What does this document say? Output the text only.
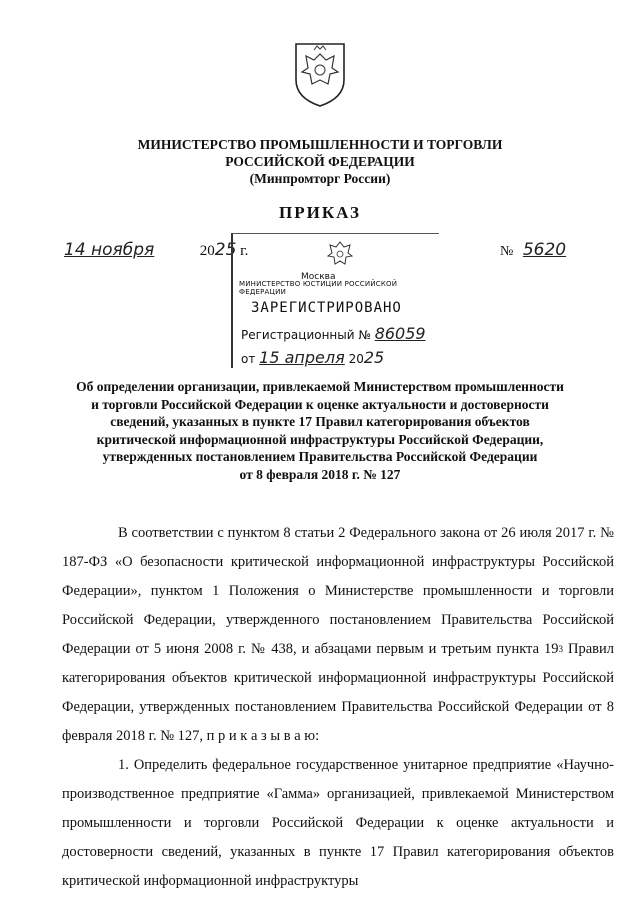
МИНИСТЕРСТВО ПРОМЫШЛЕННОСТИ И ТОРГОВЛИ
РОССИЙСКОЙ ФЕДЕРАЦИИ
(Минпромторг России)
ПРИКАЗ
14 ноября	2025 г.	№ 5620
Москва
МИНИСТЕРСТВО ЮСТИЦИИ РОССИЙСКОЙ ФЕДЕРАЦИИ
ЗАРЕГИСТРИРОВАНО
Регистрационный № 86059
от 15 апреля 2025
Об определении организации, привлекаемой Министерством промышленности
и торговли Российской Федерации к оценке актуальности и достоверности
сведений, указанных в пункте 17 Правил категорирования объектов
критической информационной инфраструктуры Российской Федерации,
утвержденных постановлением Правительства Российской Федерации
от 8 февраля 2018 г. № 127

В соответствии с пунктом 8 статьи 2 Федерального закона от 26 июля 2017 г. № 187-ФЗ «О безопасности критической информационной инфраструктуры Российской Федерации», пунктом 1 Положения о Министерстве промышленности и торговли Российской Федерации, утвержденного постановлением Правительства Российской Федерации от 5 июня 2008 г. № 438, и абзацами первым и третьим пункта $19^3$ Правил категорирования объектов критической информационной инфраструктуры Российской Федерации, утвержденных постановлением Правительства Российской Федерации от 8 февраля 2018 г. № 127, п р и к а з ы в а ю:

1. Определить федеральное государственное унитарное предприятие «Научно-производственное предприятие «Гамма» организацией, привлекаемой Министерством промышленности и торговли Российской Федерации к оценке актуальности и достоверности сведений, указанных в пункте 17 Правил категорирования объектов критической информационной инфраструктуры
